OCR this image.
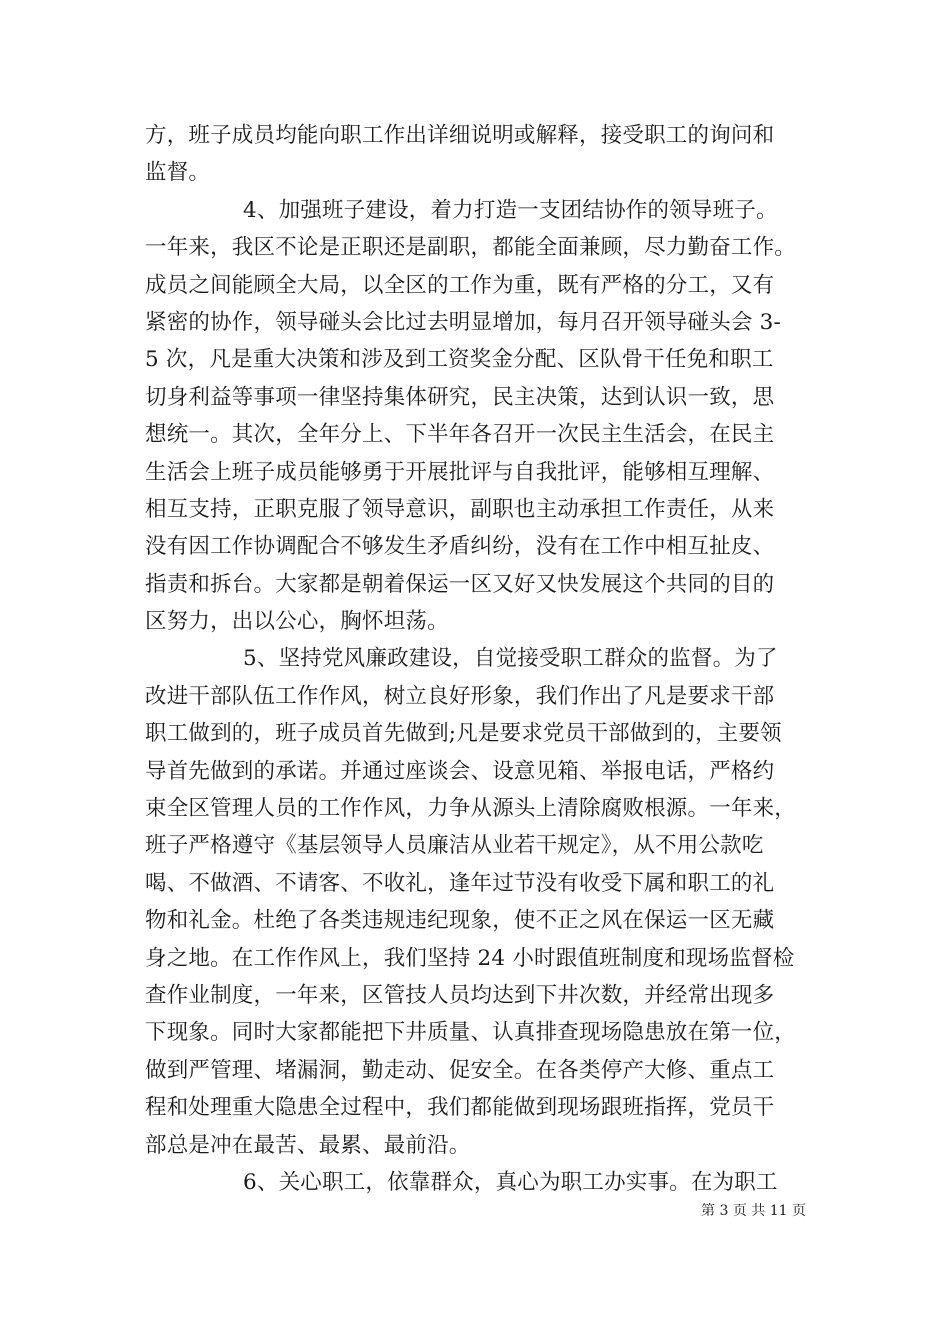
方，班子成员均能向职工作出详细说明或解释，接受职工的询问和
监督。
4、加强班子建设，着力打造一支团结协作的领导班子。
一年来，我区不论是正职还是副职，都能全面兼顾，尽力勤奋工作。
成员之间能顾全大局，以全区的工作为重，既有严格的分工，又有
紧密的协作，领导碰头会比过去明显增加，每月召开领导碰头会 3-
5 次，凡是重大决策和涉及到工资奖金分配、区队骨干任免和职工
切身利益等事项一律坚持集体研究，民主决策，达到认识一致，思
想统一。其次，全年分上、下半年各召开一次民主生活会，在民主
生活会上班子成员能够勇于开展批评与自我批评，能够相互理解、
相互支持，正职克服了领导意识，副职也主动承担工作责任，从来
没有因工作协调配合不够发生矛盾纠纷，没有在工作中相互扯皮、
指责和拆台。大家都是朝着保运一区又好又快发展这个共同的目的
区努力，出以公心，胸怀坦荡。
5、坚持党风廉政建设，自觉接受职工群众的监督。为了
改进干部队伍工作作风，树立良好形象，我们作出了凡是要求干部
职工做到的，班子成员首先做到;凡是要求党员干部做到的，主要领
导首先做到的承诺。并通过座谈会、设意见箱、举报电话，严格约
束全区管理人员的工作作风，力争从源头上清除腐败根源。一年来，
班子严格遵守《基层领导人员廉洁从业若干规定》，从不用公款吃
喝、不做酒、不请客、不收礼，逢年过节没有收受下属和职工的礼
物和礼金。杜绝了各类违规违纪现象，使不正之风在保运一区无藏
身之地。在工作作风上，我们坚持 24 小时跟值班制度和现场监督检
查作业制度，一年来，区管技人员均达到下井次数，并经常出现多
下现象。同时大家都能把下井质量、认真排查现场隐患放在第一位，
做到严管理、堵漏洞，勤走动、促安全。在各类停产大修、重点工
程和处理重大隐患全过程中，我们都能做到现场跟班指挥，党员干
部总是冲在最苦、最累、最前沿。
6、关心职工，依靠群众，真心为职工办实事。在为职工
第 3 页 共 11 页
